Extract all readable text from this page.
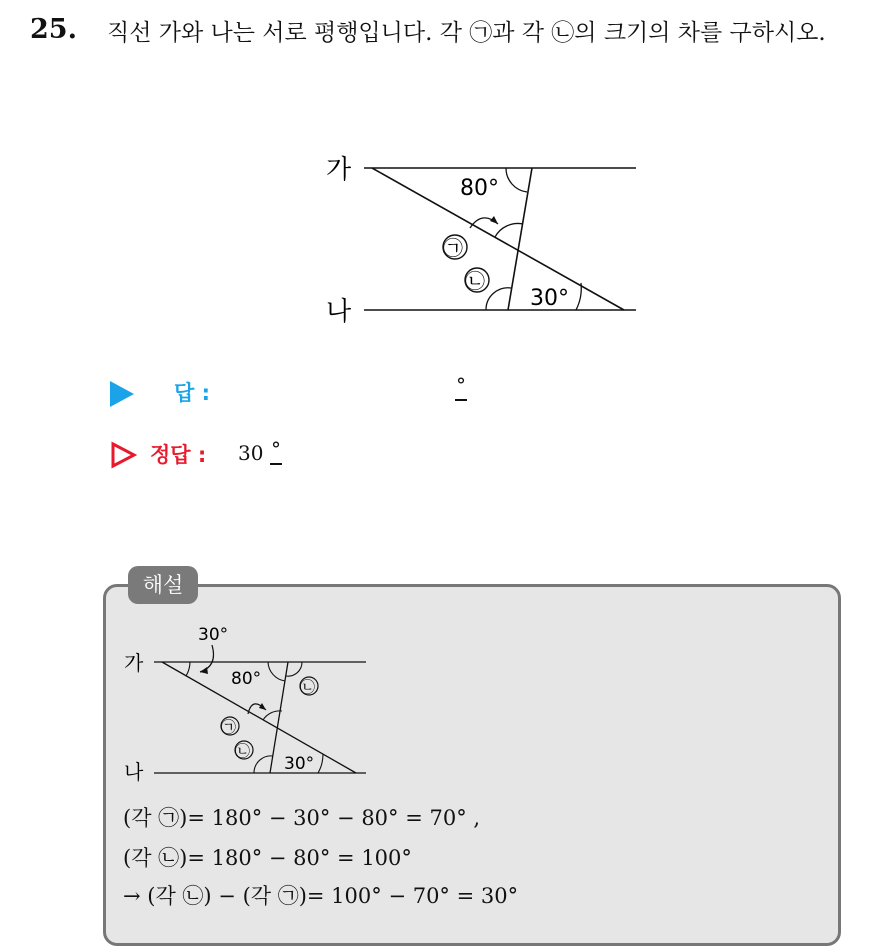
25. 직선 가와 나는 서로 평행입니다. 각 ㉠과 각 ㉡의 크기의 차를 구하시오.
가
나
80°
㉠
㉡
30°
답 :	°
정답 : 30 °
해설
30°
가
나
80°	㉡
㉠
㉡
30°
(각 ㉠)= 180° − 30° − 80° = 70° ,
(각 ㉡)= 180° − 80° = 100°
→ (각 ㉡) − (각 ㉠)= 100° − 70° = 30°
